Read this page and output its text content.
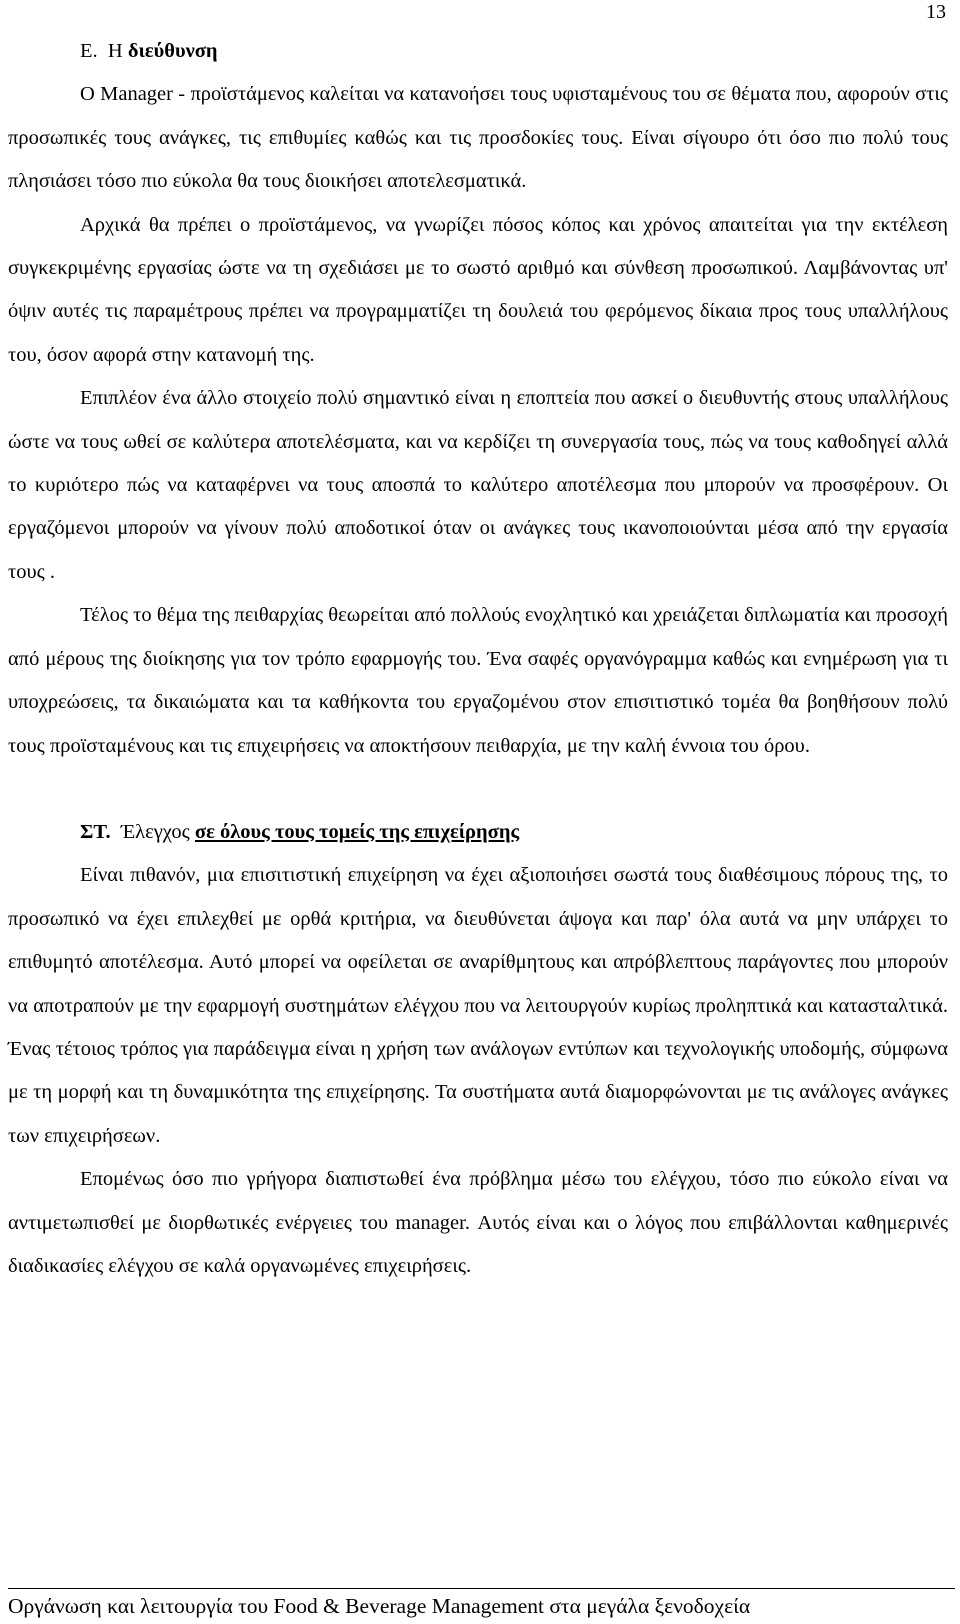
13

Ε. Η διεύθυνση

Ο Manager - προϊστάμενος καλείται να κατανοήσει τους υφισταμένους του σε θέματα που, αφορούν στις προσωπικές τους ανάγκες, τις επιθυμίες καθώς και τις προσδοκίες τους. Είναι σίγουρο ότι όσο πιο πολύ τους πλησιάσει τόσο πιο εύκολα θα τους διοικήσει αποτελεσματικά.

Αρχικά θα πρέπει ο προϊστάμενος, να γνωρίζει πόσος κόπος και χρόνος απαιτείται για την εκτέλεση συγκεκριμένης εργασίας ώστε να τη σχεδιάσει με το σωστό αριθμό και σύνθεση προσωπικού. Λαμβάνοντας υπ' όψιν αυτές τις παραμέτρους πρέπει να προγραμματίζει τη δουλειά του φερόμενος δίκαια προς τους υπαλλήλους του, όσον αφορά στην κατανομή της.

Επιπλέον ένα άλλο στοιχείο πολύ σημαντικό είναι η εποπτεία που ασκεί ο διευθυντής στους υπαλλήλους ώστε να τους ωθεί σε καλύτερα αποτελέσματα, και να κερδίζει τη συνεργασία τους, πώς να τους καθοδηγεί αλλά το κυριότερο πώς να καταφέρνει να τους αποσπά το καλύτερο αποτέλεσμα που μπορούν να προσφέρουν. Οι εργαζόμενοι μπορούν να γίνουν πολύ αποδοτικοί όταν οι ανάγκες τους ικανοποιούνται μέσα από την εργασία τους .

Τέλος το θέμα της πειθαρχίας θεωρείται από πολλούς ενοχλητικό και χρειάζεται διπλωματία και προσοχή από μέρους της διοίκησης για τον τρόπο εφαρμογής του. Ένα σαφές οργανόγραμμα καθώς και ενημέρωση για τι υποχρεώσεις, τα δικαιώματα και τα καθήκοντα του εργαζομένου στον επισιτιστικό τομέα θα βοηθήσουν πολύ τους προϊσταμένους και τις επιχειρήσεις να αποκτήσουν πειθαρχία, με την καλή έννοια του όρου.

ΣΤ. Έλεγχος σε όλους τους τομείς της επιχείρησης

Είναι πιθανόν, μια επισιτιστική επιχείρηση να έχει αξιοποιήσει σωστά τους διαθέσιμους πόρους της, το προσωπικό να έχει επιλεχθεί με ορθά κριτήρια, να διευθύνεται άψογα και παρ' όλα αυτά να μην υπάρχει το επιθυμητό αποτέλεσμα. Αυτό μπορεί να οφείλεται σε αναρίθμητους και απρόβλεπτους παράγοντες που μπορούν να αποτραπούν με την εφαρμογή συστημάτων ελέγχου που να λειτουργούν κυρίως προληπτικά και κατασταλτικά. Ένας τέτοιος τρόπος για παράδειγμα είναι η χρήση των ανάλογων εντύπων και τεχνολογικής υποδομής, σύμφωνα με τη μορφή και τη δυναμικότητα της επιχείρησης. Τα συστήματα αυτά διαμορφώνονται με τις ανάλογες ανάγκες των επιχειρήσεων.

Επομένως όσο πιο γρήγορα διαπιστωθεί ένα πρόβλημα μέσω του ελέγχου, τόσο πιο εύκολο είναι να αντιμετωπισθεί με διορθωτικές ενέργειες του manager. Αυτός είναι και ο λόγος που επιβάλλονται καθημερινές διαδικασίες ελέγχου σε καλά οργανωμένες επιχειρήσεις.

Οργάνωση και λειτουργία του Food & Beverage Management στα μεγάλα ξενοδοχεία
